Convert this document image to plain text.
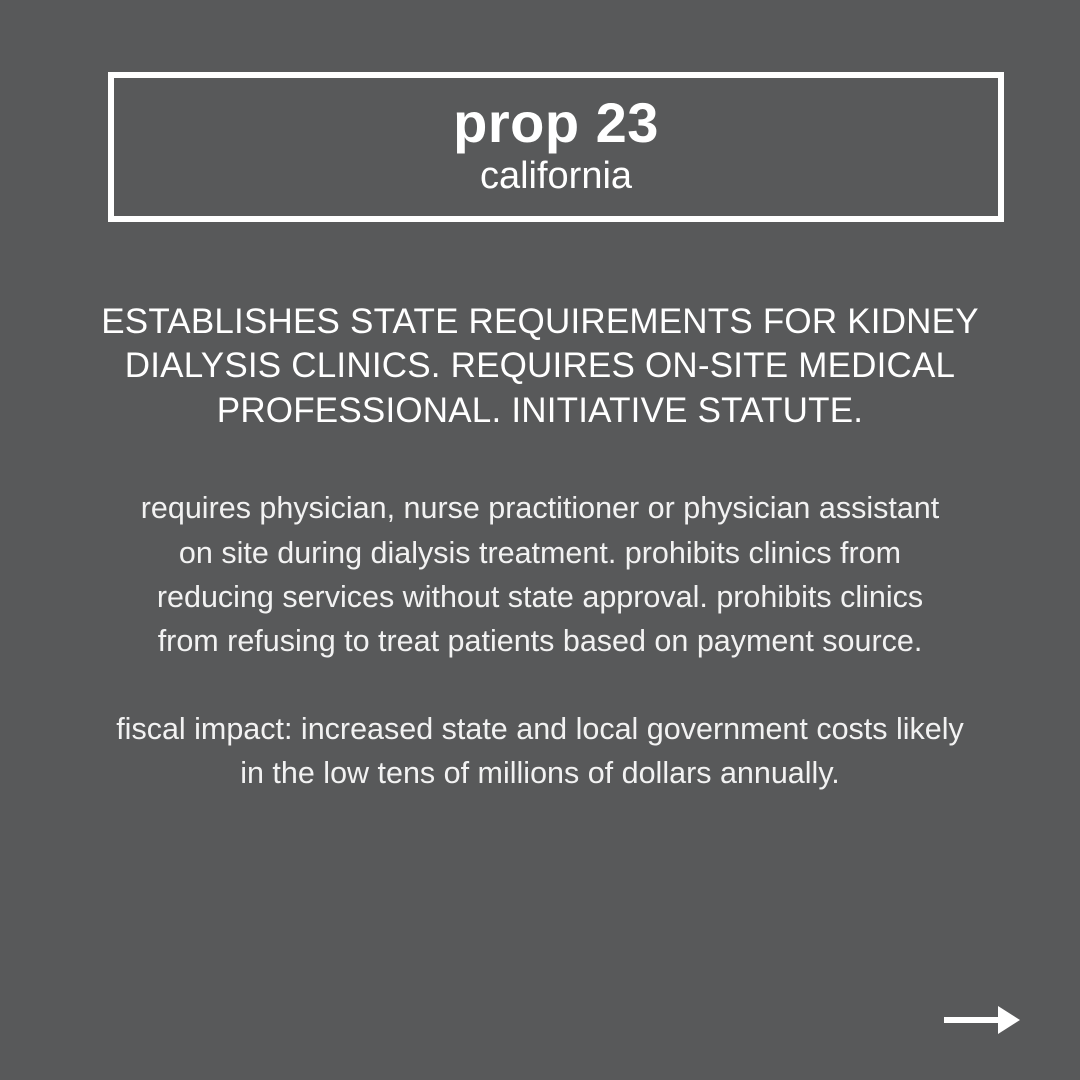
prop 23
california

ESTABLISHES STATE REQUIREMENTS FOR KIDNEY DIALYSIS CLINICS. REQUIRES ON-SITE MEDICAL PROFESSIONAL. INITIATIVE STATUTE.

requires physician, nurse practitioner or physician assistant on site during dialysis treatment. prohibits clinics from reducing services without state approval. prohibits clinics from refusing to treat patients based on payment source.

fiscal impact: increased state and local government costs likely in the low tens of millions of dollars annually.
